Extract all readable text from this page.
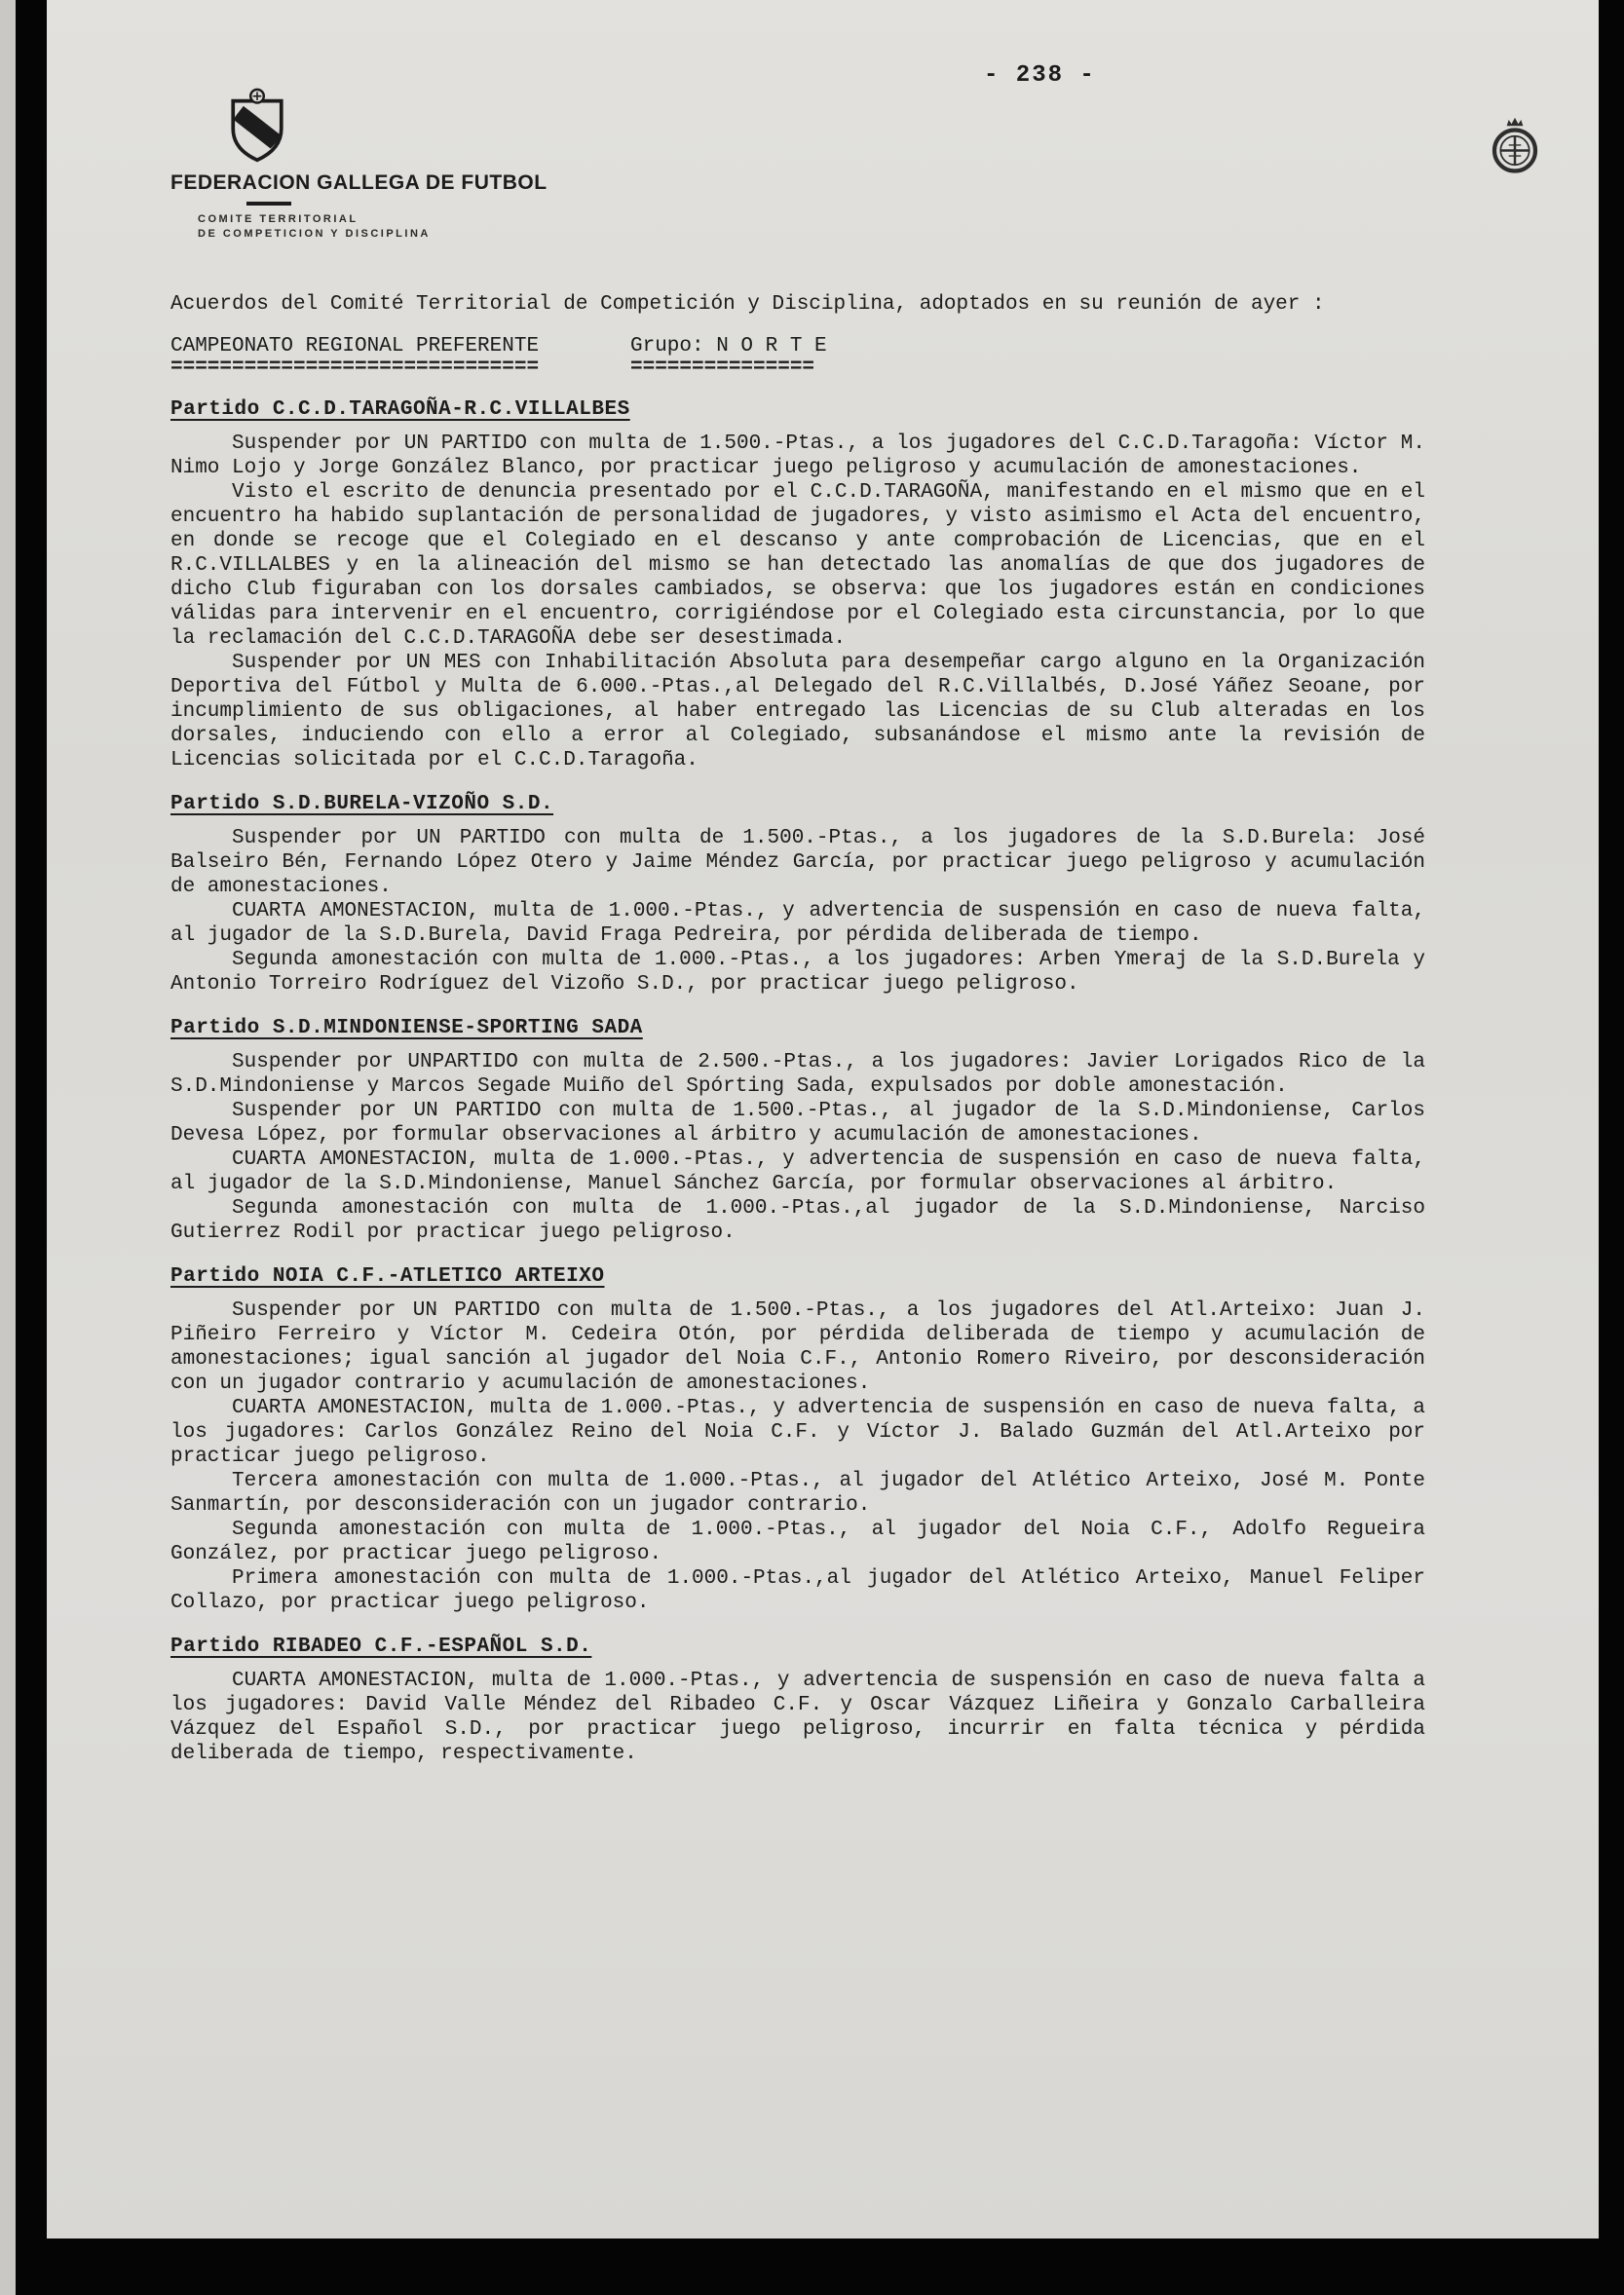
- 238 -
FEDERACION GALLEGA DE FUTBOL
COMITE TERRITORIAL
DE COMPETICION Y DISCIPLINA

Acuerdos del Comité Territorial de Competición y Disciplina, adoptados en su reunión de ayer :

CAMPEONATO REGIONAL PREFERENTE
==============================
Grupo: N O R T E
===============
Partido C.C.D.TARAGOÑA-R.C.VILLALBES

Suspender por UN PARTIDO con multa de 1.500.-Ptas., a los jugadores del C.C.D.Taragoña: Víctor M. Nimo Lojo y Jorge González Blanco, por practicar juego peligroso y acumulación de amonestaciones.

Visto el escrito de denuncia presentado por el C.C.D.TARAGOÑA, manifestando en el mismo que en el encuentro ha habido suplantación de personalidad de jugadores, y visto asimismo el Acta del encuentro, en donde se recoge que el Colegiado en el descanso y ante comprobación de Licencias, que en el R.C.VILLALBES y en la alineación del mismo se han detectado las anomalías de que dos jugadores de dicho Club figuraban con los dorsales cambiados, se observa: que los jugadores están en condiciones válidas para intervenir en el encuentro, corrigiéndose por el Colegiado esta circunstancia, por lo que la reclamación del C.C.D.TARAGOÑA debe ser desestimada.

Suspender por UN MES con Inhabilitación Absoluta para desempeñar cargo alguno en la Organización Deportiva del Fútbol y Multa de 6.000.-Ptas.,al Delegado del R.C.Villalbés, D.José Yáñez Seoane, por incumplimiento de sus obligaciones, al haber entregado las Licencias de su Club alteradas en los dorsales, induciendo con ello a error al Colegiado, subsanándose el mismo ante la revisión de Licencias solicitada por el C.C.D.Taragoña.

Partido S.D.BURELA-VIZOÑO S.D.

Suspender por UN PARTIDO con multa de 1.500.-Ptas., a los jugadores de la S.D.Burela: José Balseiro Bén, Fernando López Otero y Jaime Méndez García, por practicar juego peligroso y acumulación de amonestaciones.

CUARTA AMONESTACION, multa de 1.000.-Ptas., y advertencia de suspensión en caso de nueva falta, al jugador de la S.D.Burela, David Fraga Pedreira, por pérdida deliberada de tiempo.

Segunda amonestación con multa de 1.000.-Ptas., a los jugadores: Arben Ymeraj de la S.D.Burela y Antonio Torreiro Rodríguez del Vizoño S.D., por practicar juego peligroso.

Partido S.D.MINDONIENSE-SPORTING SADA

Suspender por UNPARTIDO con multa de 2.500.-Ptas., a los jugadores: Javier Lorigados Rico de la S.D.Mindoniense y Marcos Segade Muiño del Spórting Sada, expulsados por doble amonestación.

Suspender por UN PARTIDO con multa de 1.500.-Ptas., al jugador de la S.D.Mindoniense, Carlos Devesa López, por formular observaciones al árbitro y acumulación de amonestaciones.

CUARTA AMONESTACION, multa de 1.000.-Ptas., y advertencia de suspensión en caso de nueva falta, al jugador de la S.D.Mindoniense, Manuel Sánchez García, por formular observaciones al árbitro.

Segunda amonestación con multa de 1.000.-Ptas.,al jugador de la S.D.Mindoniense, Narciso Gutierrez Rodil por practicar juego peligroso.

Partido NOIA C.F.-ATLETICO ARTEIXO

Suspender por UN PARTIDO con multa de 1.500.-Ptas., a los jugadores del Atl.Arteixo: Juan J. Piñeiro Ferreiro y Víctor M. Cedeira Otón, por pérdida deliberada de tiempo y acumulación de amonestaciones; igual sanción al jugador del Noia C.F., Antonio Romero Riveiro, por desconsideración con un jugador contrario y acumulación de amonestaciones.

CUARTA AMONESTACION, multa de 1.000.-Ptas., y advertencia de suspensión en caso de nueva falta, a los jugadores: Carlos González Reino del Noia C.F. y Víctor J. Balado Guzmán del Atl.Arteixo por practicar juego peligroso.

Tercera amonestación con multa de 1.000.-Ptas., al jugador del Atlético Arteixo, José M. Ponte Sanmartín, por desconsideración con un jugador contrario.

Segunda amonestación con multa de 1.000.-Ptas., al jugador del Noia C.F., Adolfo Regueira González, por practicar juego peligroso.

Primera amonestación con multa de 1.000.-Ptas.,al jugador del Atlético Arteixo, Manuel Feliper Collazo, por practicar juego peligroso.

Partido RIBADEO C.F.-ESPAÑOL S.D.

CUARTA AMONESTACION, multa de 1.000.-Ptas., y advertencia de suspensión en caso de nueva falta a los jugadores: David Valle Méndez del Ribadeo C.F. y Oscar Vázquez Liñeira y Gonzalo Carballeira Vázquez del Español S.D., por practicar juego peligroso, incurrir en falta técnica y pérdida deliberada de tiempo, respectivamente.
